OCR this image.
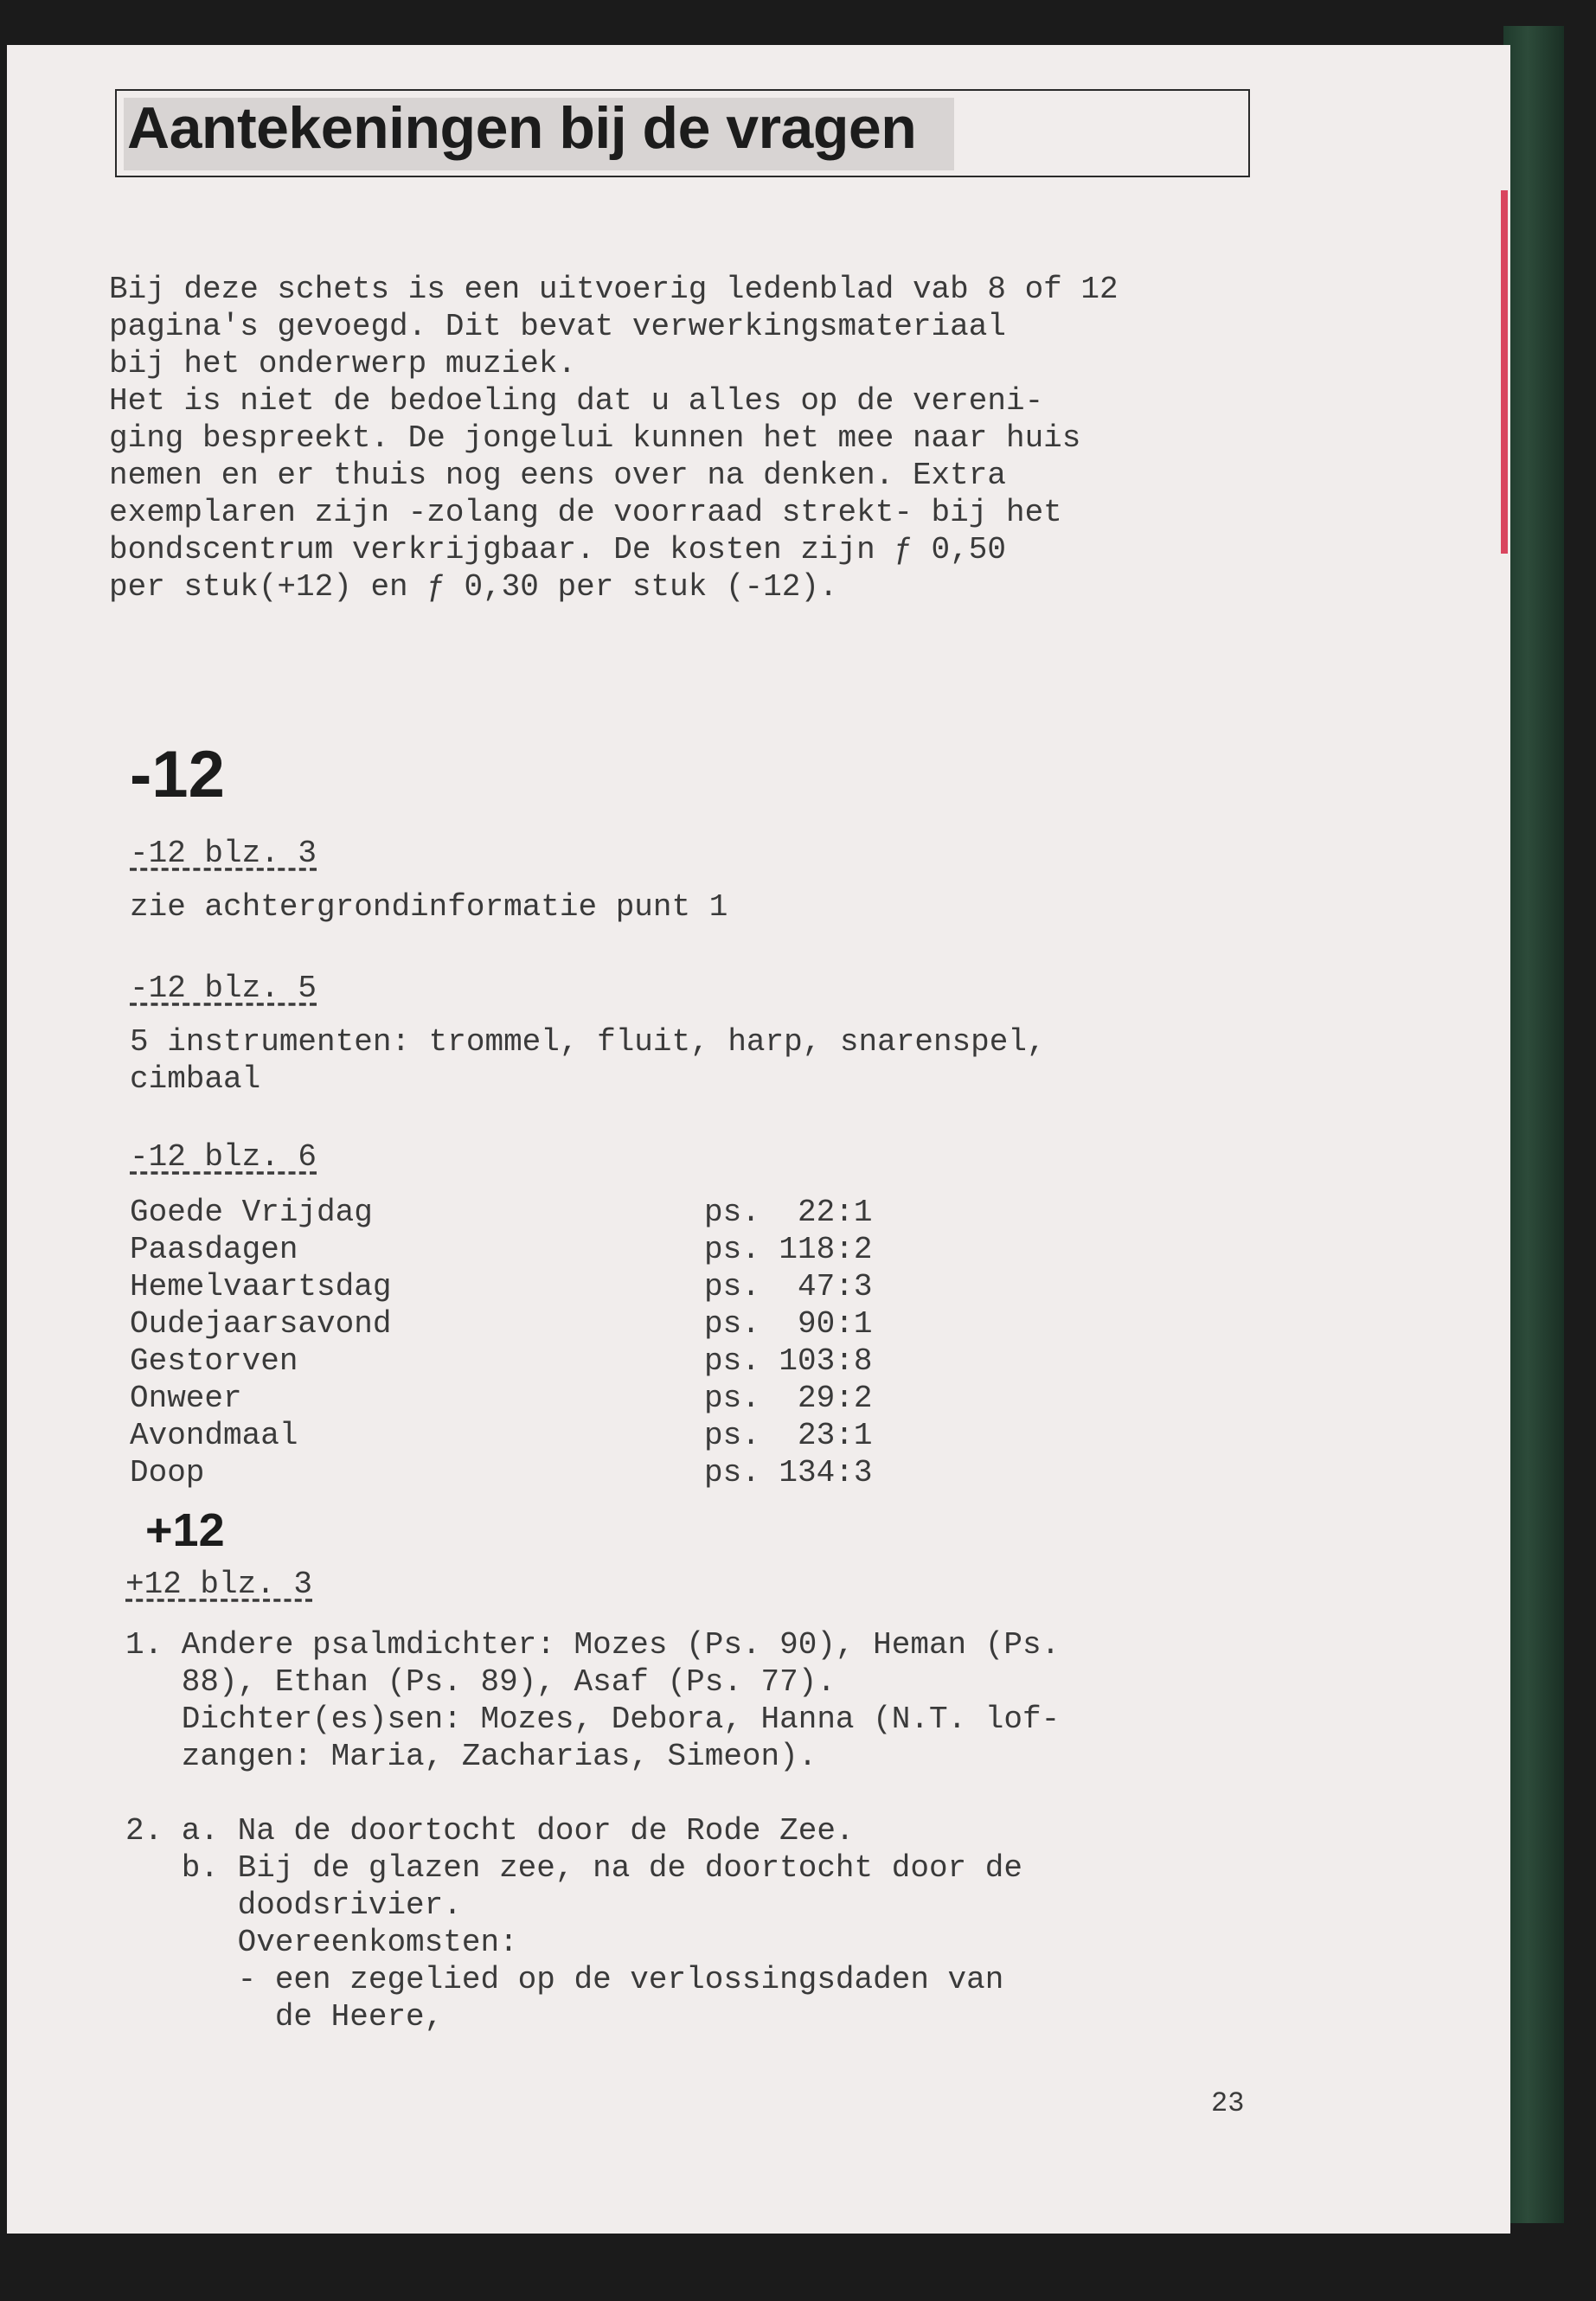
Aantekeningen bij de vragen
Bij deze schets is een uitvoerig ledenblad vab 8 of 12
pagina's gevoegd. Dit bevat verwerkingsmateriaal
bij het onderwerp muziek.
Het is niet de bedoeling dat u alles op de vereni-
ging bespreekt. De jongelui kunnen het mee naar huis
nemen en er thuis nog eens over na denken. Extra
exemplaren zijn -zolang de voorraad strekt- bij het
bondscentrum verkrijgbaar. De kosten zijn ƒ 0,50
per stuk(+12) en ƒ 0,30 per stuk (-12).
-12
-12 blz. 3
zie achtergrondinformatie punt 1
-12 blz. 5
5 instrumenten: trommel, fluit, harp, snarenspel,
cimbaal
-12 blz. 6
Goede Vrijdag	ps.  22:1
Paasdagen	ps. 118:2
Hemelvaartsdag	ps.  47:3
Oudejaarsavond	ps.  90:1
Gestorven	ps. 103:8
Onweer	ps.  29:2
Avondmaal	ps.  23:1
Doop	ps. 134:3
+12
+12 blz. 3
1. Andere psalmdichter: Mozes (Ps. 90), Heman (Ps.
88), Ethan (Ps. 89), Asaf (Ps. 77).
Dichter(es)sen: Mozes, Debora, Hanna (N.T. lof-
zangen: Maria, Zacharias, Simeon).
2. a. Na de doortocht door de Rode Zee.
b. Bij de glazen zee, na de doortocht door de
doodsrivier.
Overeenkomsten:
- een zegelied op de verlossingsdaden van
de Heere,
23
